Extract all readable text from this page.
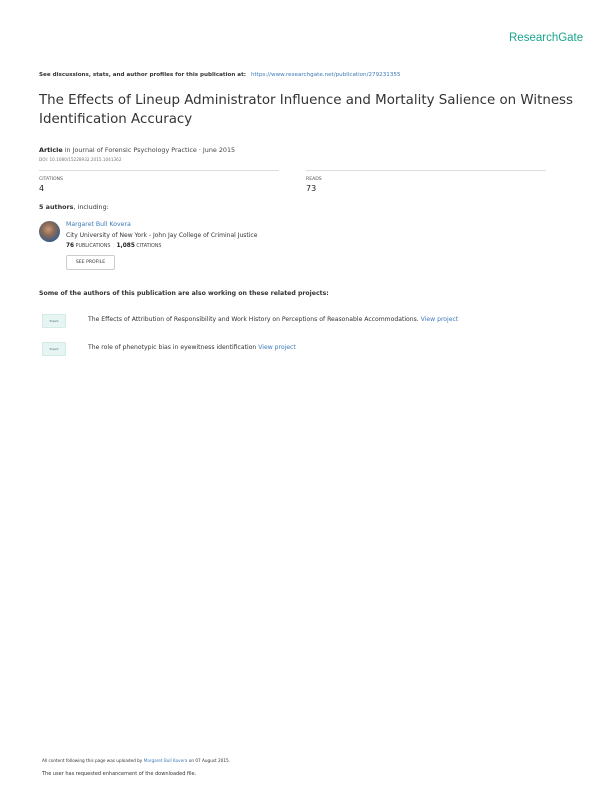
ResearchGate
See discussions, stats, and author profiles for this publication at: https://www.researchgate.net/publication/279231355
The Effects of Lineup Administrator Influence and Mortality Salience on Witness Identification Accuracy
Article in Journal of Forensic Psychology Practice · June 2015
DOI: 10.1080/15228932.2015.1041362
CITATIONS
4
READS
73
5 authors, including:
Margaret Bull Kovera
City University of New York - John Jay College of Criminal Justice
76 PUBLICATIONS 1,085 CITATIONS
SEE PROFILE
Some of the authors of this publication are also working on these related projects:
Project	The Effects of Attribution of Responsibility and Work History on Perceptions of Reasonable Accommodations. View project
Project	The role of phenotypic bias in eyewitness identification View project
All content following this page was uploaded by Margaret Bull Kovera on 07 August 2015.
The user has requested enhancement of the downloaded file.
